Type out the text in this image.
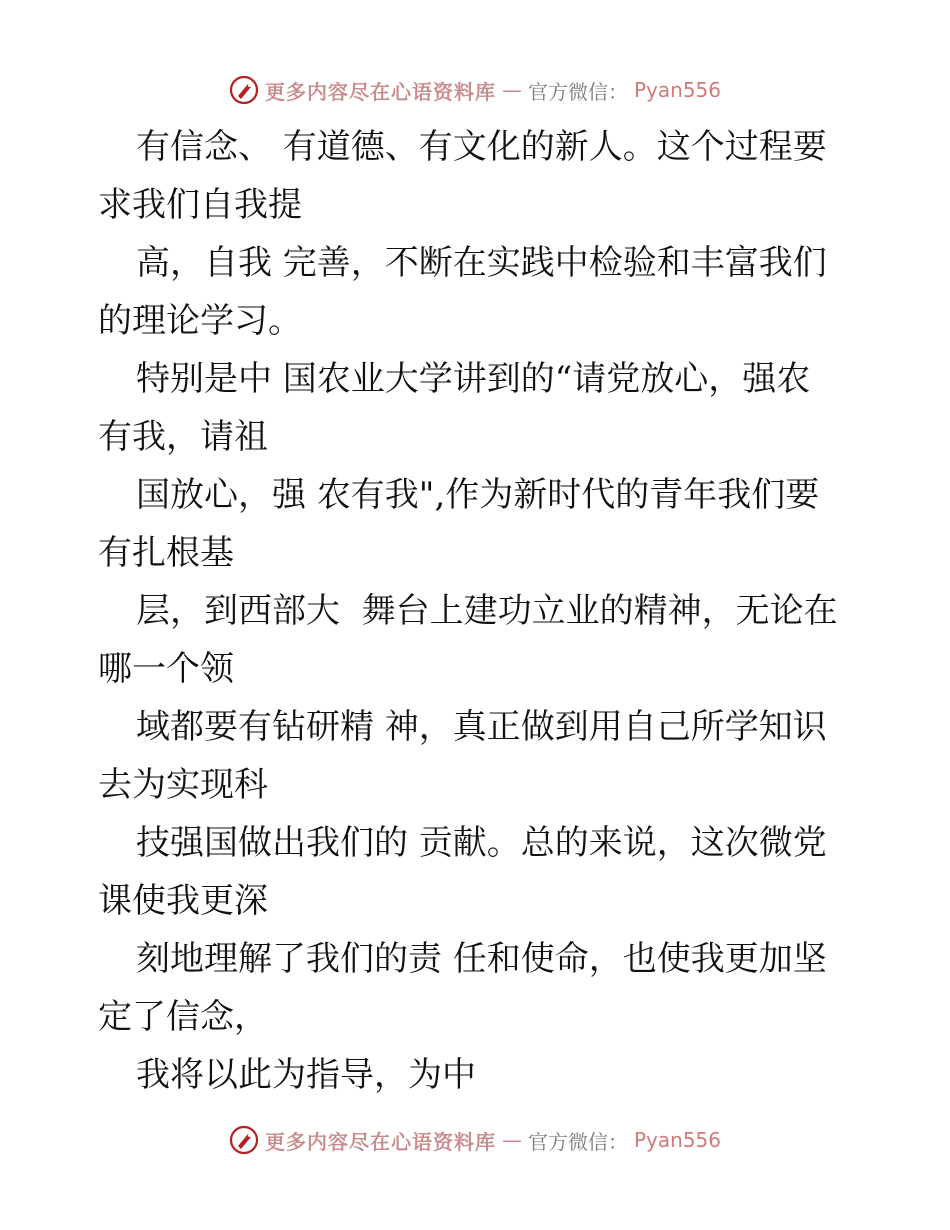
更多内容尽在心语资料库 — 官方微信： Pyan556
有信念、 有道德、有文化的新人。这个过程要
求我们自我提
高，自我 完善，不断在实践中检验和丰富我们
的理论学习。
特别是中 国农业大学讲到的“请党放心，强农
有我，请祖
国放心，强 农有我",作为新时代的青年我们要
有扎根基
层，到西部大  舞台上建功立业的精神，无论在
哪一个领
域都要有钻研精 神，真正做到用自己所学知识
去为实现科
技强国做出我们的 贡献。总的来说，这次微党
课使我更深
刻地理解了我们的责 任和使命，也使我更加坚
定了信念，
我将以此为指导，为中
更多内容尽在心语资料库 — 官方微信： Pyan556
